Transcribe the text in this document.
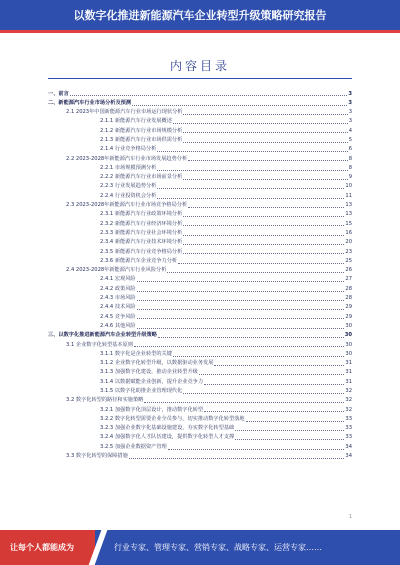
以数字化推进新能源汽车企业转型升级策略研究报告
内容目录
一、前言	3
二、新能源汽车行业市场分析及预测	3
2.1 2023年中国新能源汽车行业市场运行现状分析	3
2.1.1 新能源汽车行业发展概述	3
2.1.2 新能源汽车行业市场规模分析	4
2.1.3 新能源汽车行业市场供需分析	5
2.1.4 行业竞争格局分析	6
2.2 2023-2028年新能源汽车行业市场发展趋势分析	8
2.2.1 市场规模预测分析	8
2.2.2 新能源汽车行业市场前景分析	9
2.2.3 行业发展趋势分析	10
2.2.4 行业投资机会分析	11
2.3 2023-2028年新能源汽车行业市场竞争格局分析	13
2.3.1 新能源汽车行业政策环境分析	13
2.3.2 新能源汽车行业经济环境分析	15
2.3.3 新能源汽车行业社会环境分析	16
2.3.4 新能源汽车行业技术环境分析	20
2.3.5 新能源汽车行业竞争格局分析	23
2.3.6 新能源汽车企业竞争力分析	25
2.4 2023-2028年新能源汽车行业风险分析	26
2.4.1 宏观风险	27
2.4.2 政策风险	28
2.4.3 市场风险	28
2.4.4 技术风险	29
2.4.5 竞争风险	29
2.4.6 其他风险	30
三、以数字化推进新能源汽车企业转型升级策略	30
3.1 企业数字化转型基本原则	30
3.1.1 数字化是企业转型的关键	30
3.1.2 企业数字化转型升级，以数据驱动业务发展	31
3.1.3 加强数字化建设，推动企业转型升级	31
3.1.4 以数据赋能企业创新，提升企业竞争力	31
3.1.5 以数字化助推企业管理现代化	32
3.2 数字化转型的路径和实施策略	32
3.2.1 加强数字化顶层设计，推动数字化转型	32
3.2.2 数字化转型需要企业全员参与，切实推动数字化转型落地	33
3.2.3 加强企业数字化基础设施建设，夯实数字化转型基础	33
3.2.4 加强数字化人才队伍建设，提供数字化转型人才支撑	33
3.2.5 加强企业数据资产管理	34
3.3 数字化转型的保障措施	34
1
让每个人都能成为	行业专家、管理专家、营销专家、战略专家、运营专家……
